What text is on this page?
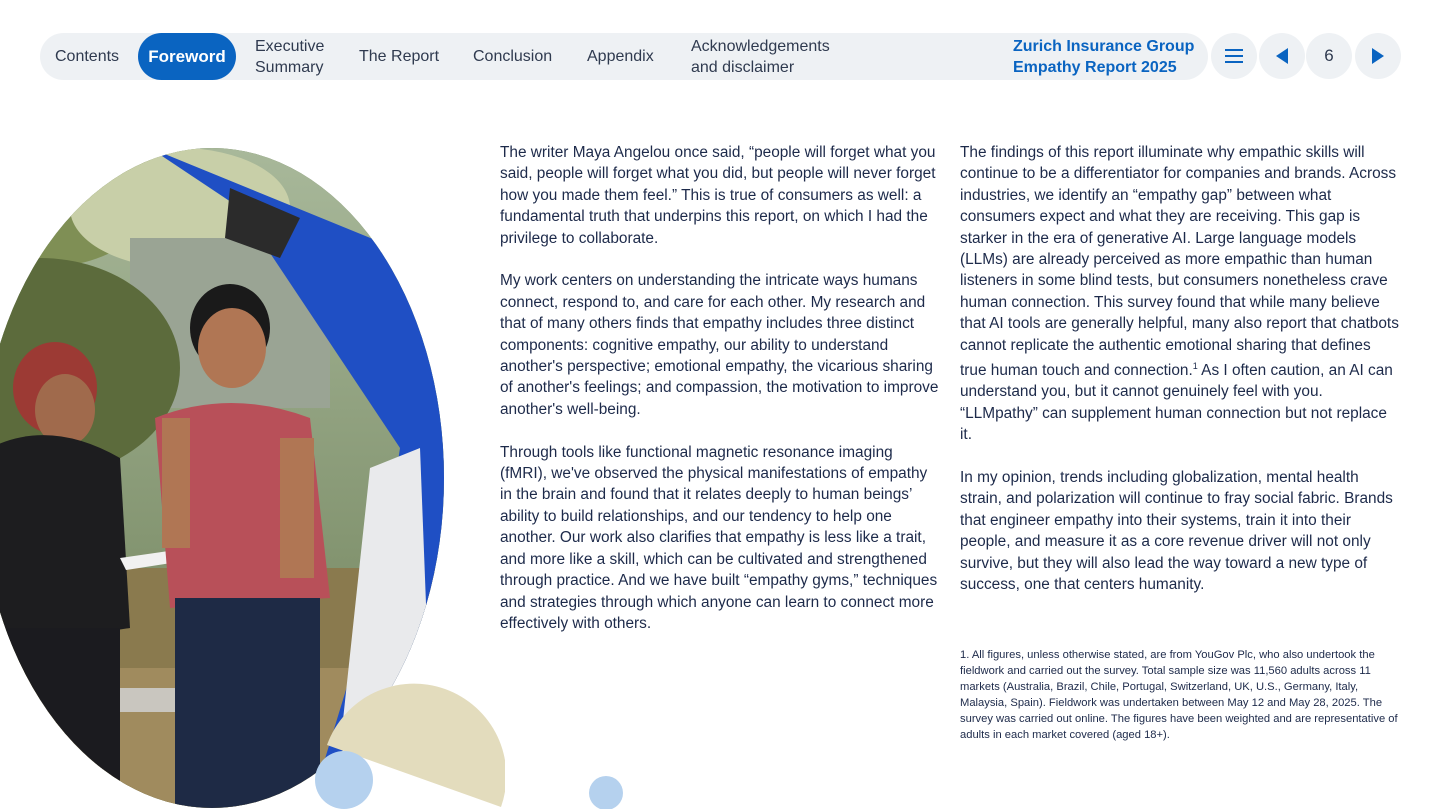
Contents Foreword
Executive
Summary
The Report Conclusion Appendix
Acknowledgements
and disclaimer
Zurich Insurance Group
Empathy Report 2025
6

The writer Maya Angelou once said, “people will forget what you said, people will forget what you did, but people will never forget how you made them feel.” This is true of consumers as well: a fundamental truth that underpins this report, on which I had the privilege to collaborate.

My work centers on understanding the intricate ways humans connect, respond to, and care for each other. My research and that of many others finds that empathy includes three distinct components: cognitive empathy, our ability to understand another's perspective; emotional empathy, the vicarious sharing of another's feelings; and compassion, the motivation to improve another's well-being.

Through tools like functional magnetic resonance imaging (fMRI), we've observed the physical manifestations of empathy in the brain and found that it relates deeply to human beings’ ability to build relationships, and our tendency to help one another. Our work also clarifies that empathy is less like a trait, and more like a skill, which can be cultivated and strengthened through practice. And we have built “empathy gyms,” techniques and strategies through which anyone can learn to connect more effectively with others.

The findings of this report illuminate why empathic skills will continue to be a differentiator for companies and brands. Across industries, we identify an “empathy gap” between what consumers expect and what they are receiving. This gap is starker in the era of generative AI. Large language models (LLMs) are already perceived as more empathic than human listeners in some blind tests, but consumers nonetheless crave human connection. This survey found that while many believe that AI tools are generally helpful, many also report that chatbots cannot replicate the authentic emotional sharing that defines true human touch and connection.$^1$ As I often caution, an AI can understand you, but it cannot genuinely feel with you. “LLMpathy” can supplement human connection but not replace it.

In my opinion, trends including globalization, mental health strain, and polarization will continue to fray social fabric. Brands that engineer empathy into their systems, train it into their people, and measure it as a core revenue driver will not only survive, but they will also lead the way toward a new type of success, one that centers humanity.

1. All figures, unless otherwise stated, are from YouGov Plc, who also undertook the fieldwork and carried out the survey. Total sample size was 11,560 adults across 11 markets (Australia, Brazil, Chile, Portugal, Switzerland, UK, U.S., Germany, Italy, Malaysia, Spain). Fieldwork was undertaken between May 12 and May 28, 2025. The survey was carried out online. The figures have been weighted and are representative of adults in each market covered (aged 18+).
